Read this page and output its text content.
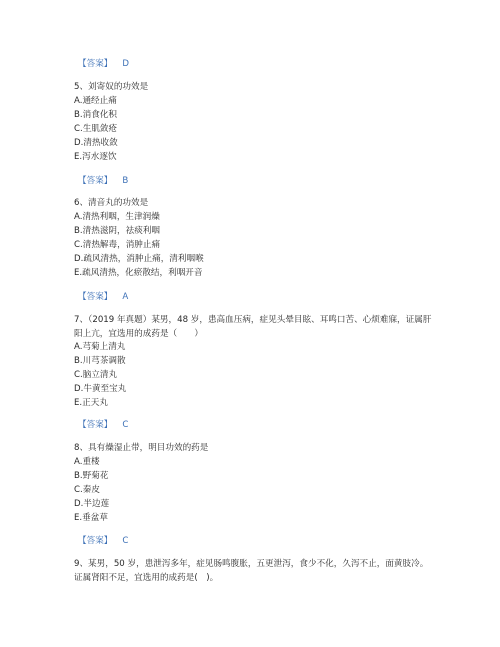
【答案】 D
5、刘寄奴的功效是
A.通经止痛
B.消食化积
C.生肌敛疮
D.清热收敛
E.泻水逐饮
【答案】 B
6、清音丸的功效是
A.清热利咽，生津润燥
B.清热滋阴，祛痰利咽
C.清热解毒，消肿止痛
D.疏风清热，消肿止痛，清利咽喉
E.疏风清热，化瘀散结，利咽开音
【答案】 A
7、（2019 年真题）某男，48 岁，患高血压病，症见头晕目眩、耳鸣口苦、心烦难寐，证属肝阳上亢，宜选用的成药是（　　）
A.芎菊上清丸
B.川芎茶调散
C.脑立清丸
D.牛黄至宝丸
E.正天丸
【答案】 C
8、具有燥湿止带，明目功效的药是
A.重楼
B.野菊花
C.秦皮
D.半边莲
E.垂盆草
【答案】 C
9、某男，50 岁，患泄泻多年，症见肠鸣腹胀，五更泄泻，食少不化，久泻不止，面黄肢冷。证属肾阳不足，宜选用的成药是(　)。
